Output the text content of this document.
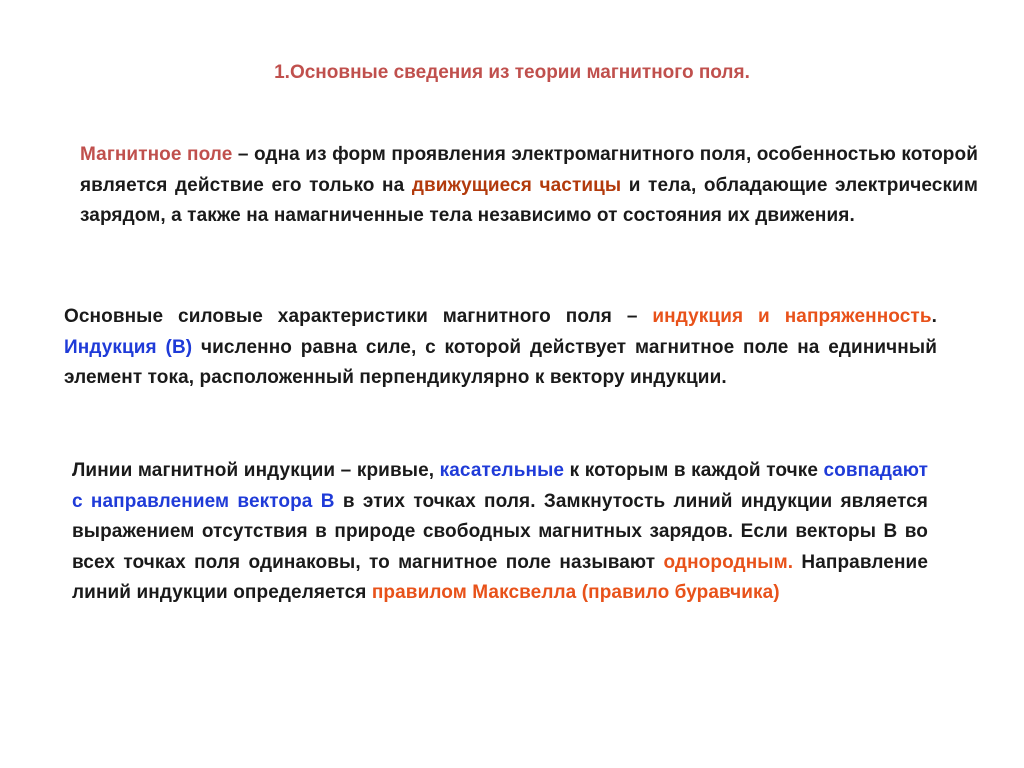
1.Основные сведения из теории магнитного поля.
Магнитное поле – одна из форм проявления электромагнитного поля, особенностью которой является действие его только на движущиеся частицы и тела, обладающие электрическим зарядом, а также на намагниченные тела независимо от состояния их движения.
Основные силовые характеристики магнитного поля – индукция и напряженность. Индукция (В) численно равна силе, с которой действует магнитное поле на единичный элемент тока, расположенный перпендикулярно к вектору индукции.
Линии магнитной индукции – кривые, касательные к которым в каждой точке совпадают с направлением вектора В в этих точках поля. Замкнутость линий индукции является выражением отсутствия в природе свободных магнитных зарядов. Если векторы В во всех точках поля одинаковы, то магнитное поле называют однородным. Направление линий индукции определяется правилом Максвелла (правило буравчика)
